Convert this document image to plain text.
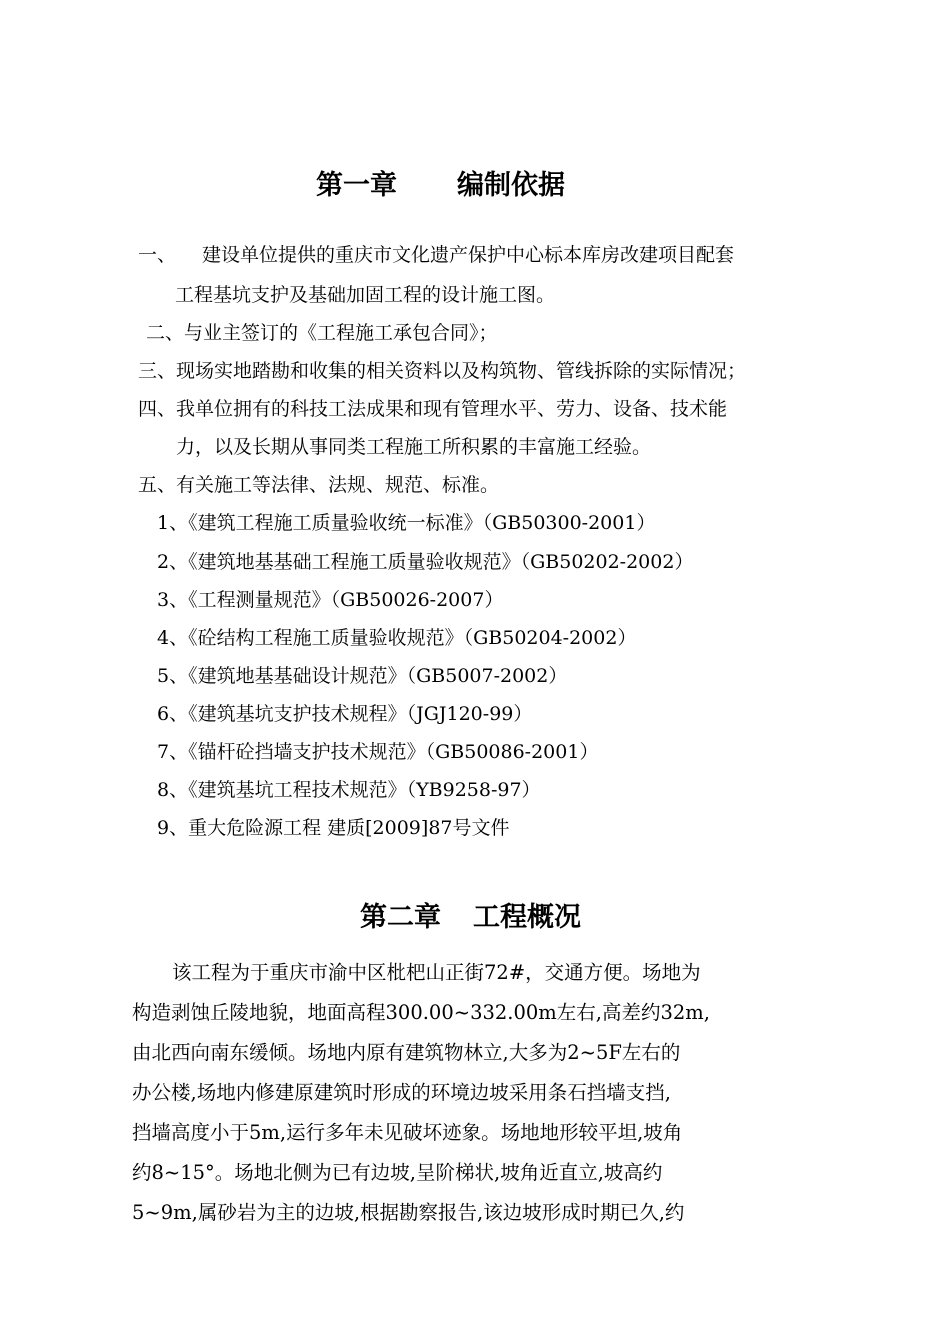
第一章 编制依据
一、 建设单位提供的重庆市文化遗产保护中心标本库房改建项目配套
工程基坑支护及基础加固工程的设计施工图。
二、与业主签订的《工程施工承包合同》；
三、现场实地踏勘和收集的相关资料以及构筑物、管线拆除的实际情况；
四、我单位拥有的科技工法成果和现有管理水平、劳力、设备、技术能
力，以及长期从事同类工程施工所积累的丰富施工经验。
五、有关施工等法律、法规、规范、标准。
1、《建筑工程施工质量验收统一标准》（GB50300-2001）
2、《建筑地基基础工程施工质量验收规范》（GB50202-2002）
3、《工程测量规范》（GB50026-2007）
4、《砼结构工程施工质量验收规范》（GB50204-2002）
5、《建筑地基基础设计规范》（GB5007-2002）
6、《建筑基坑支护技术规程》（JGJ120-99）
7、《锚杆砼挡墙支护技术规范》（GB50086-2001）
8、《建筑基坑工程技术规范》（YB9258-97）
9、重大危险源工程 建质[2009]87号文件
第二章 工程概况
该工程为于重庆市渝中区枇杷山正街72#，交通方便。场地为
构造剥蚀丘陵地貌，地面高程300.00~332.00m左右,高差约32m,
由北西向南东缓倾。场地内原有建筑物林立,大多为2~5F左右的
办公楼,场地内修建原建筑时形成的环境边坡采用条石挡墙支挡,
挡墙高度小于5m,运行多年未见破坏迹象。场地地形较平坦,坡角
约8~15°。场地北侧为已有边坡,呈阶梯状,坡角近直立,坡高约
5~9m,属砂岩为主的边坡,根据勘察报告,该边坡形成时期已久,约
